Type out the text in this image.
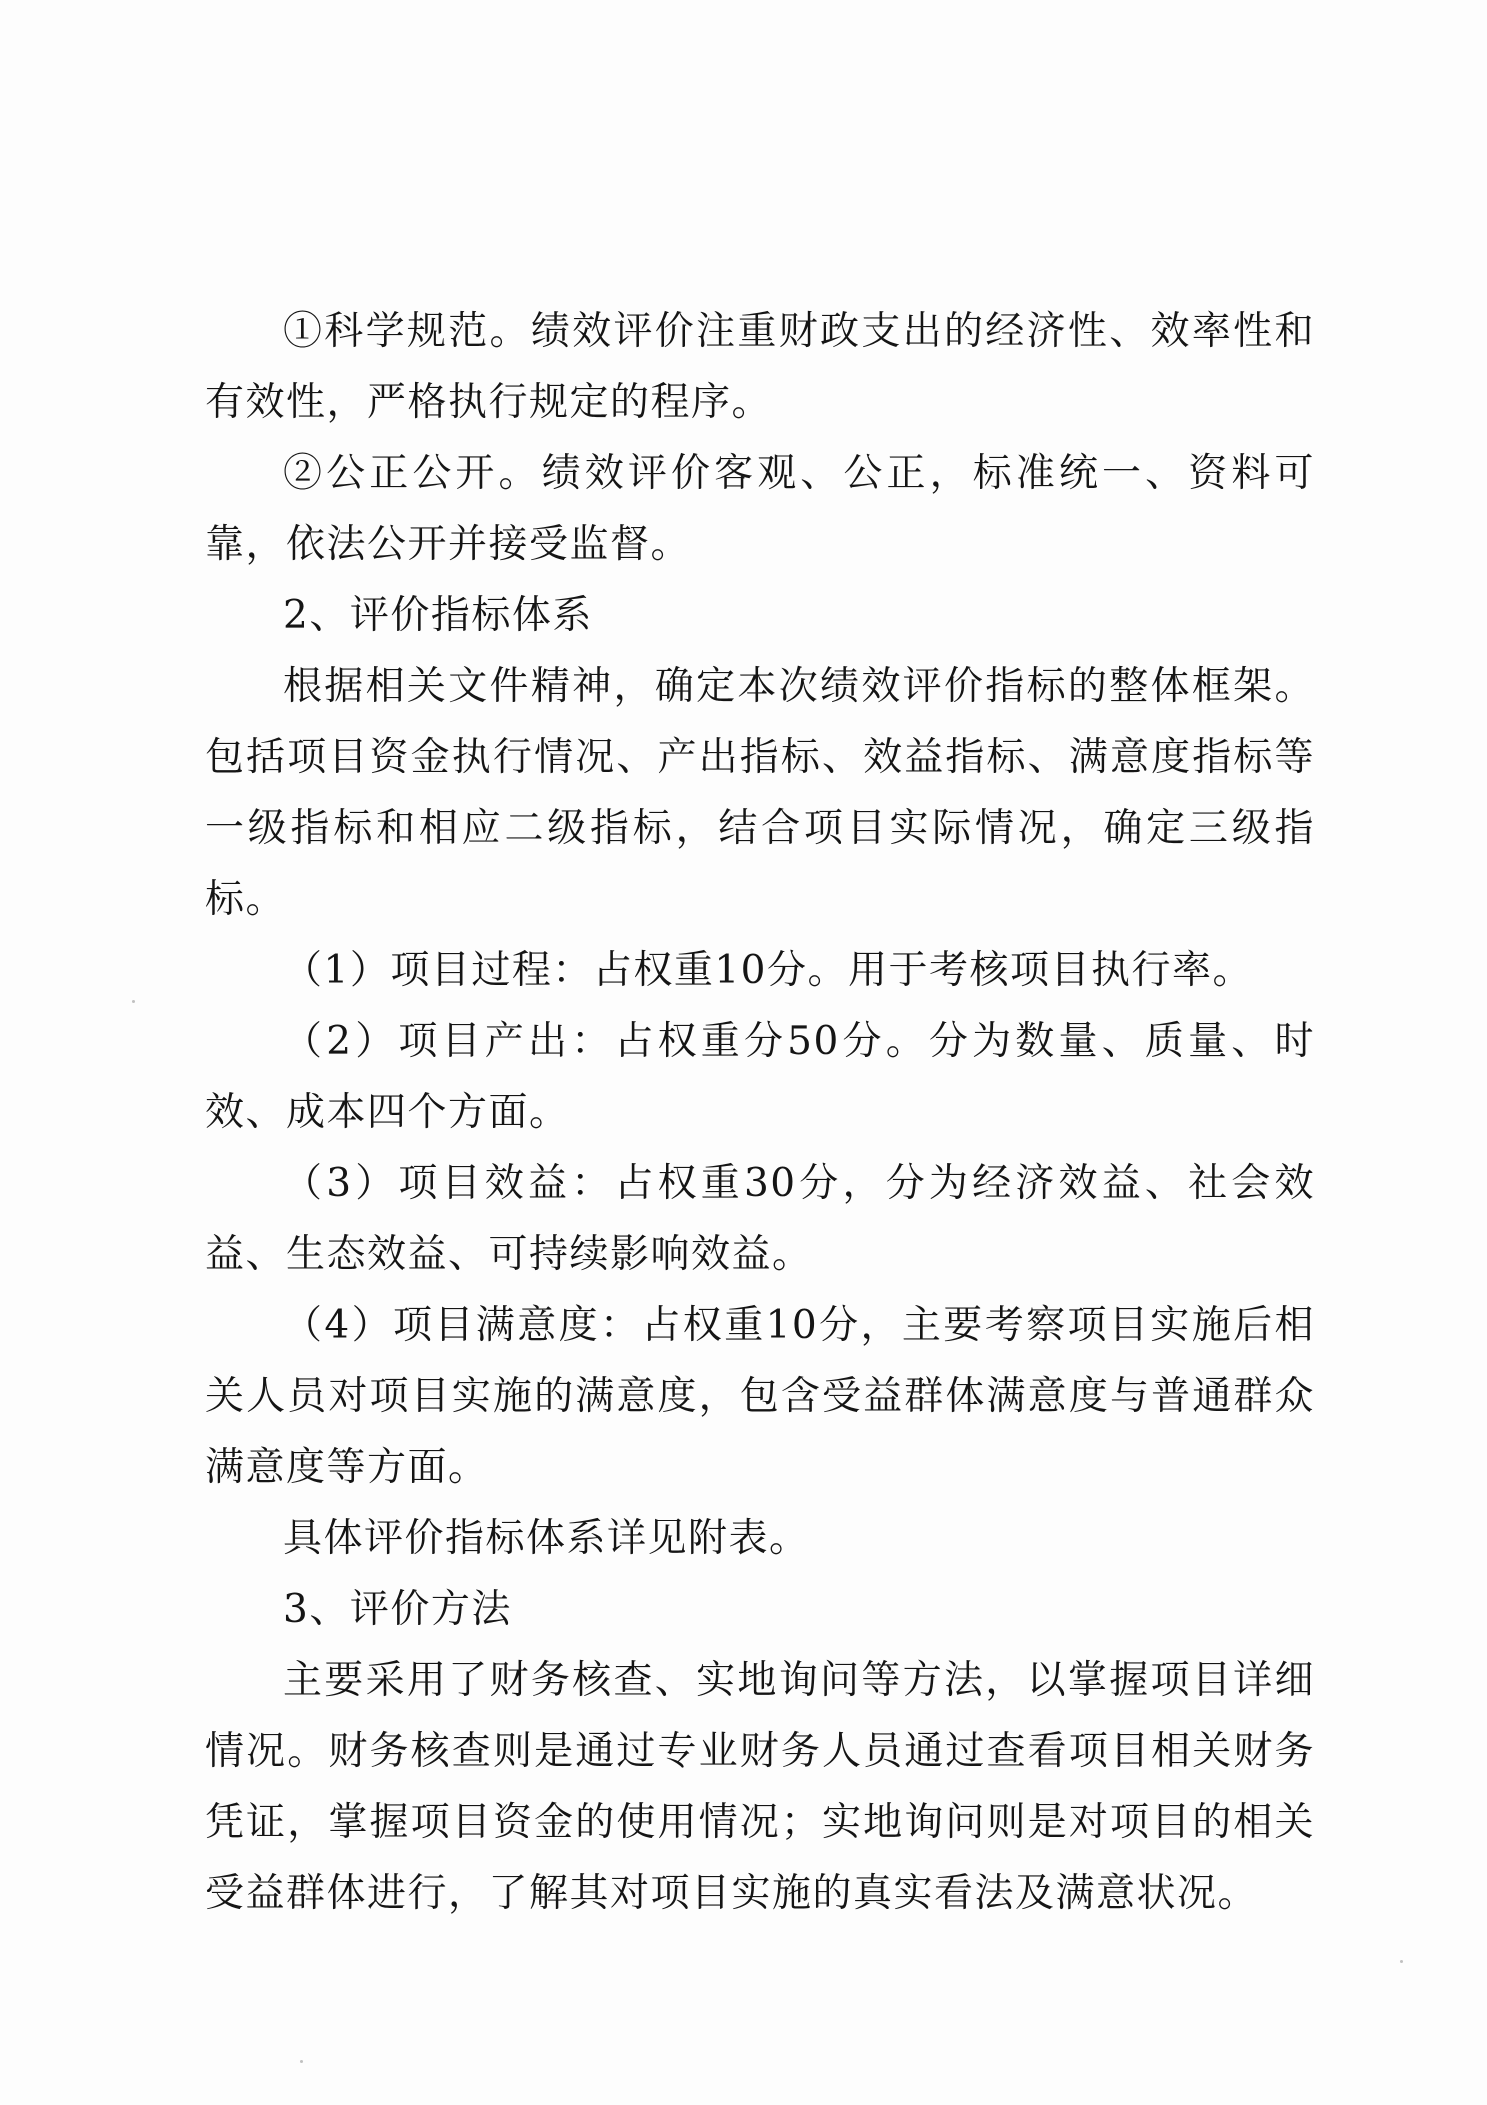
①科学规范。绩效评价注重财政支出的经济性、效率性和有效性，严格执行规定的程序。

②公正公开。绩效评价客观、公正，标准统一、资料可靠，依法公开并接受监督。

2、评价指标体系

根据相关文件精神，确定本次绩效评价指标的整体框架。包括项目资金执行情况、产出指标、效益指标、满意度指标等一级指标和相应二级指标，结合项目实际情况，确定三级指标。

（1）项目过程：占权重10分。用于考核项目执行率。

（2）项目产出：占权重分50分。分为数量、质量、时效、成本四个方面。

（3）项目效益：占权重30分，分为经济效益、社会效益、生态效益、可持续影响效益。

（4）项目满意度：占权重10分，主要考察项目实施后相关人员对项目实施的满意度，包含受益群体满意度与普通群众满意度等方面。

具体评价指标体系详见附表。

3、评价方法

主要采用了财务核查、实地询问等方法，以掌握项目详细情况。财务核查则是通过专业财务人员通过查看项目相关财务凭证，掌握项目资金的使用情况；实地询问则是对项目的相关受益群体进行，了解其对项目实施的真实看法及满意状况。
